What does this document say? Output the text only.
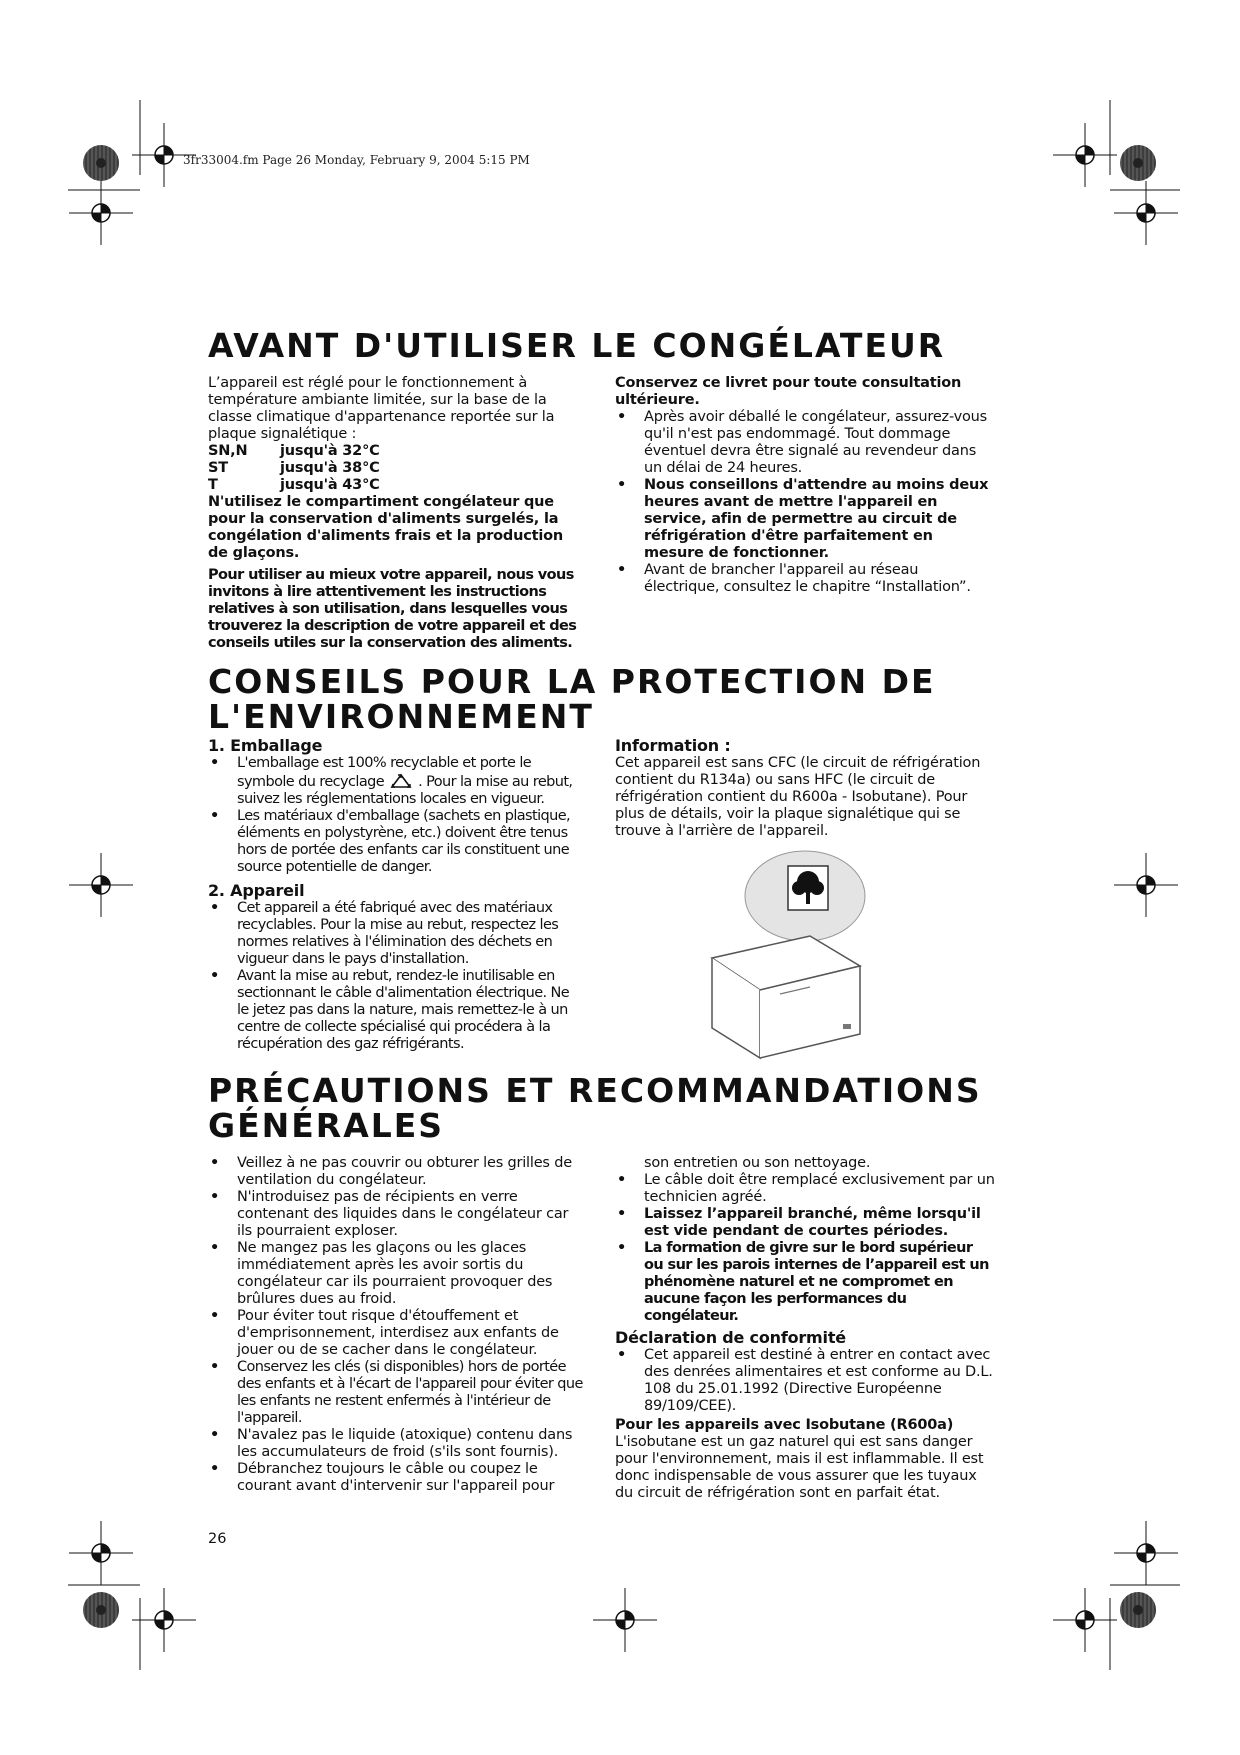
3fr33004.fm Page 26 Monday, February 9, 2004 5:15 PM
AVANT D'UTILISER LE CONGÉLATEUR

L’appareil est réglé pour le fonctionnement à température ambiante limitée, sur la base de la classe climatique d'appartenance reportée sur la plaque signalétique :

SN,N	jusqu'à 32°C
ST	jusqu'à 38°C
T	jusqu'à 43°C

N'utilisez le compartiment congélateur que pour la conservation d'aliments surgelés, la congélation d'aliments frais et la production de glaçons.

Pour utiliser au mieux votre appareil, nous vous invitons à lire attentivement les instructions relatives à son utilisation, dans lesquelles vous trouverez la description de votre appareil et des conseils utiles sur la conservation des aliments.

Conservez ce livret pour toute consultation ultérieure.

• Après avoir déballé le congélateur, assurez-vous qu'il n'est pas endommagé. Tout dommage éventuel devra être signalé au revendeur dans un délai de 24 heures.
• Nous conseillons d'attendre au moins deux heures avant de mettre l'appareil en service, afin de permettre au circuit de réfrigération d'être parfaitement en mesure de fonctionner.
• Avant de brancher l'appareil au réseau électrique, consultez le chapitre “Installation”.
CONSEILS POUR LA PROTECTION DE
L'ENVIRONNEMENT

1. Emballage

• L'emballage est 100% recyclable et porte le symbole du recyclage . Pour la mise au rebut, suivez les réglementations locales en vigueur.
• Les matériaux d'emballage (sachets en plastique, éléments en polystyrène, etc.) doivent être tenus hors de portée des enfants car ils constituent une source potentielle de danger.

2. Appareil

• Cet appareil a été fabriqué avec des matériaux recyclables. Pour la mise au rebut, respectez les normes relatives à l'élimination des déchets en vigueur dans le pays d'installation.
• Avant la mise au rebut, rendez-le inutilisable en sectionnant le câble d'alimentation électrique. Ne le jetez pas dans la nature, mais remettez-le à un centre de collecte spécialisé qui procédera à la récupération des gaz réfrigérants.

Information :

Cet appareil est sans CFC (le circuit de réfrigération contient du R134a) ou sans HFC (le circuit de réfrigération contient du R600a - Isobutane). Pour plus de détails, voir la plaque signalétique qui se trouve à l'arrière de l'appareil.

PRÉCAUTIONS ET RECOMMANDATIONS
GÉNÉRALES
• Veillez à ne pas couvrir ou obturer les grilles de ventilation du congélateur.
• N'introduisez pas de récipients en verre contenant des liquides dans le congélateur car ils pourraient exploser.
• Ne mangez pas les glaçons ou les glaces immédiatement après les avoir sortis du congélateur car ils pourraient provoquer des brûlures dues au froid.
• Pour éviter tout risque d'étouffement et d'emprisonnement, interdisez aux enfants de jouer ou de se cacher dans le congélateur.
• Conservez les clés (si disponibles) hors de portée des enfants et à l'écart de l'appareil pour éviter que les enfants ne restent enfermés à l'intérieur de l'appareil.
• N'avalez pas le liquide (atoxique) contenu dans les accumulateurs de froid (s'ils sont fournis).
• Débranchez toujours le câble ou coupez le courant avant d'intervenir sur l'appareil pour

son entretien ou son nettoyage.

• Le câble doit être remplacé exclusivement par un technicien agréé.
• Laissez l’appareil branché, même lorsqu'il est vide pendant de courtes périodes.
• La formation de givre sur le bord supérieur ou sur les parois internes de l’appareil est un phénomène naturel et ne compromet en aucune façon les performances du congélateur.

Déclaration de conformité

• Cet appareil est destiné à entrer en contact avec des denrées alimentaires et est conforme au D.L. 108 du 25.01.1992 (Directive Européenne 89/109/CEE).

Pour les appareils avec Isobutane (R600a)

L'isobutane est un gaz naturel qui est sans danger pour l'environnement, mais il est inflammable. Il est donc indispensable de vous assurer que les tuyaux du circuit de réfrigération sont en parfait état.

26
